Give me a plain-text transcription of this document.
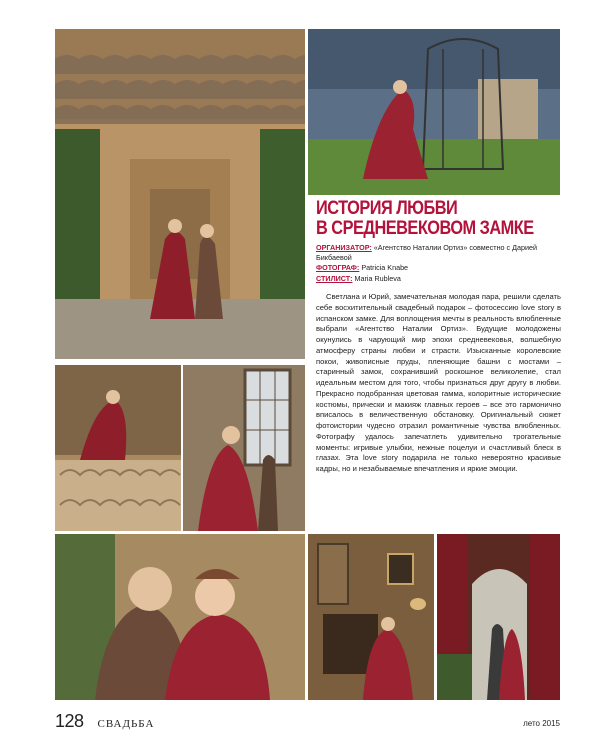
ИСТОРИЯ ЛЮБВИ
В СРЕДНЕВЕКОВОМ ЗАМКЕ
ОРГАНИЗАТОР: «Агентство Наталии Ортиз» совместно с Дарией Бикбаевой
ФОТОГРАФ: Patricia Knabe
СТИЛИСТ: Maria Rubleva
Светлана и Юрий, замечательная молодая пара, решили сделать себе восхитительный свадебный подарок – фотосессию love story в испанском замке. Для воплощения мечты в реальность влюбленные выбрали «Агентство Наталии Ортиз». Будущие молодожены окунулись в чарующий мир эпохи средневековья, волшебную атмосферу страны любви и страсти. Изысканные королевские покои, живописные пруды, пленяющие башни с мостами – старинный замок, сохранивший роскошное великолепие, стал идеальным местом для того, чтобы признаться друг другу в любви. Прекрасно подобранная цветовая гамма, колоритные исторические костюмы, прически и макияж главных героев – все это гармонично вписалось в величественную обстановку. Оригинальный сюжет фотоистории чудесно отразил романтичные чувства влюбленных. Фотографу удалось запечатлеть удивительно трогательные моменты: игривые улыбки, нежные поцелуи и счастливый блеск в глазах. Эта love story подарила не только невероятно красивые кадры, но и незабываемые впечатления и яркие эмоции.
128 СВАДЬБА	лето 2015
